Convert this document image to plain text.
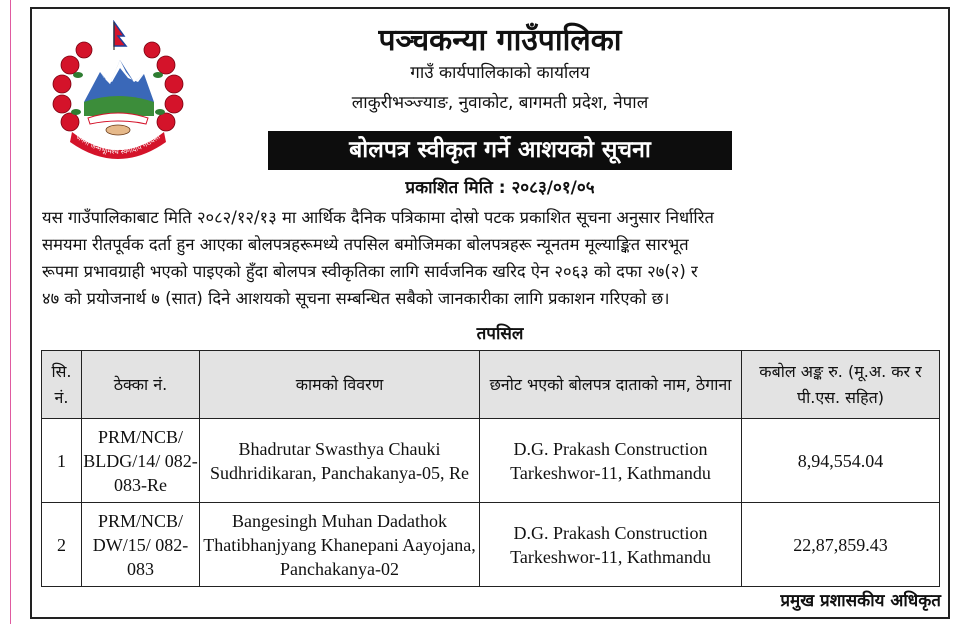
जननी जन्मभूमिश्च स्वर्गादपि गरीयसी
पञ्चकन्या गाउँपालिका
गाउँ कार्यपालिकाको कार्यालय
लाकुरीभञ्ज्याङ, नुवाकोट, बागमती प्रदेश, नेपाल
बोलपत्र स्वीकृत गर्ने आशयको सूचना
प्रकाशित मिति : २०८३/०१/०५
यस गाउँपालिकाबाट मिति २०८२/१२/१३ मा आर्थिक दैनिक पत्रिकामा दोस्रो पटक प्रकाशित सूचना अनुसार निर्धारित
समयमा रीतपूर्वक दर्ता हुन आएका बोलपत्रहरूमध्ये तपसिल बमोजिमका बोलपत्रहरू न्यूनतम मूल्याङ्कित सारभूत
रूपमा प्रभावग्राही भएको पाइएको हुँदा बोलपत्र स्वीकृतिका लागि सार्वजनिक खरिद ऐन २०६३ को दफा २७(२) र
४७ को प्रयोजनार्थ ७ (सात) दिने आशयको सूचना सम्बन्धित सबैको जानकारीका लागि प्रकाशन गरिएको छ।
तपसिल
सि. नं.	ठेक्का नं.	कामको विवरण	छनोट भएको बोलपत्र दाताको नाम, ठेगाना	कबोल अङ्क रु. (मू.अ. कर र पी.एस. सहित)
1	PRM/NCB/ BLDG/14/ 082-083-Re	Bhadrutar Swasthya Chauki Sudhridikaran, Panchakanya-05, Re	D.G. Prakash Construction Tarkeshwor-11, Kathmandu	8,94,554.04
2	PRM/NCB/ DW/15/ 082-083	Bangesingh Muhan Dadathok Thatibhanjyang Khanepani Aayojana, Panchakanya-02	D.G. Prakash Construction Tarkeshwor-11, Kathmandu	22,87,859.43
प्रमुख प्रशासकीय अधिकृत
